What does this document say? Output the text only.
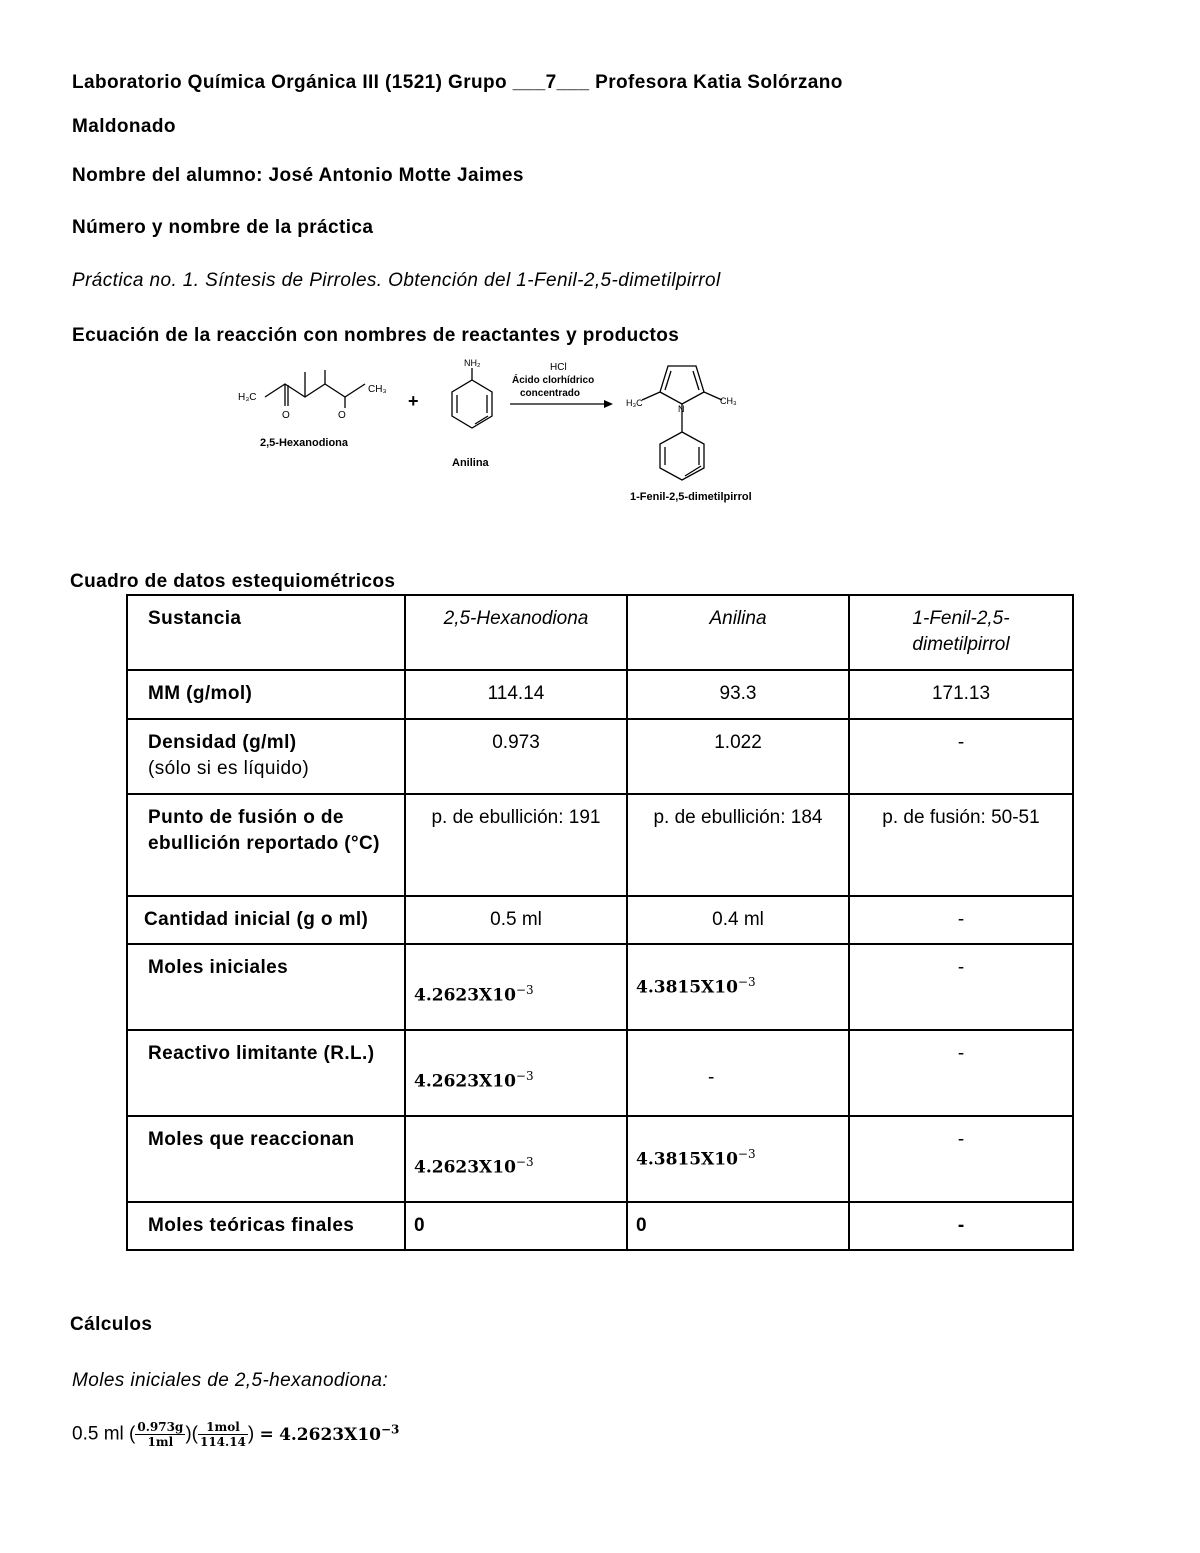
Laboratorio Química Orgánica III (1521) Grupo ___7___ Profesora Katia Solórzano
Maldonado
Nombre del alumno: José Antonio Motte Jaimes
Número y nombre de la práctica
Práctica no. 1. Síntesis de Pirroles. Obtención del 1-Fenil-2,5-dimetilpirrol
Ecuación de la reacción con nombres de reactantes y productos
H₃C
CH₃
O	O
2,5-Hexanodiona
+
NH₂
Anilina
HCl
Ácido clorhídrico
concentrado
H₃C	CH₃
N
1-Fenil-2,5-dimetilpirrol
Cuadro de datos estequiométricos
Sustancia	2,5-Hexanodiona	Anilina	1-Fenil-2,5-dimetilpirrol
MM (g/mol)	114.14	93.3	171.13
Densidad (g/ml)
(sólo si es líquido)	0.973	1.022	-
Punto de fusión o de ebullición reportado (°C)	p. de ebullición: 191	p. de ebullición: 184	p. de fusión: 50-51
Cantidad inicial (g o ml)	0.5 ml	0.4 ml	-
Moles iniciales	$4.2623X10^{-3}$	$4.3815X10^{-3}$	-
Reactivo limitante (R.L.)	$4.2623X10^{-3}$	-	-
Moles que reaccionan	$4.2623X10^{-3}$	$4.3815X10^{-3}$	-
Moles teóricas finales	0	0	-
Cálculos
Moles iniciales de 2,5-hexanodiona:
0.5 ml ( $\frac{0.973g}{1ml}$ )( $\frac{\text{1mol}}{114.14}$ ) = $4.2623X10^{-3}$
